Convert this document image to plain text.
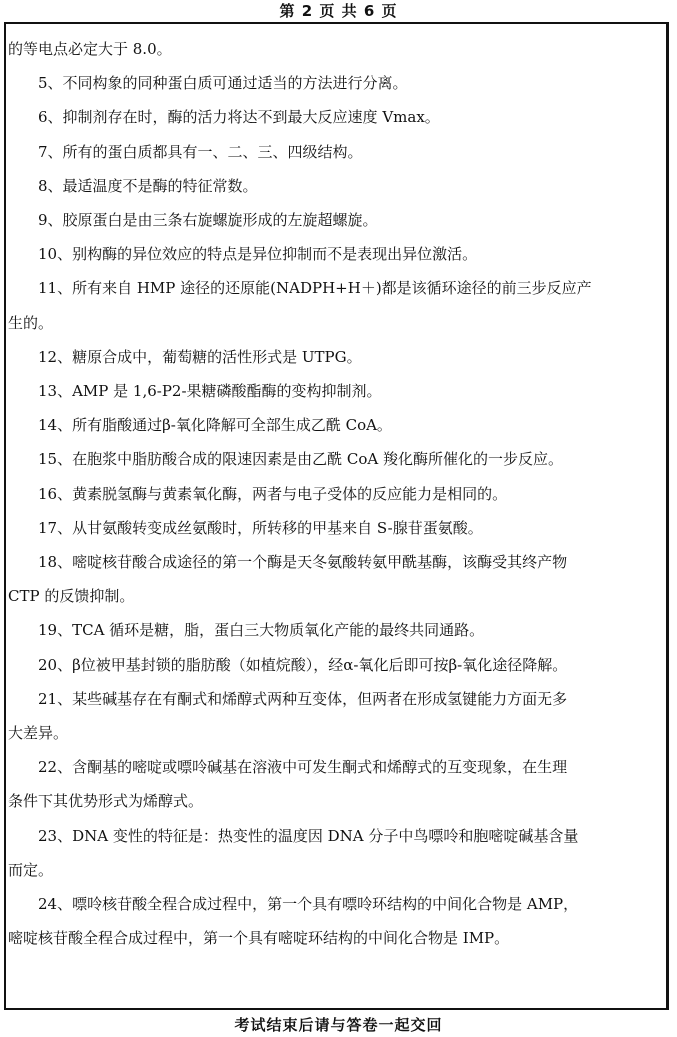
第 2 页 共 6 页
的等电点必定大于 8.0。
5、不同构象的同种蛋白质可通过适当的方法进行分离。
6、抑制剂存在时，酶的活力将达不到最大反应速度 Vmax。
7、所有的蛋白质都具有一、二、三、四级结构。
8、最适温度不是酶的特征常数。
9、胶原蛋白是由三条右旋螺旋形成的左旋超螺旋。
10、别构酶的异位效应的特点是异位抑制而不是表现出异位激活。
11、所有来自 HMP 途径的还原能(NADPH+H＋)都是该循环途径的前三步反应产
生的。
12、糖原合成中，葡萄糖的活性形式是 UTPG。
13、AMP 是 1,6-P2-果糖磷酸酯酶的变构抑制剂。
14、所有脂酸通过β-氧化降解可全部生成乙酰 CoA。
15、在胞浆中脂肪酸合成的限速因素是由乙酰 CoA 羧化酶所催化的一步反应。
16、黄素脱氢酶与黄素氧化酶，两者与电子受体的反应能力是相同的。
17、从甘氨酸转变成丝氨酸时，所转移的甲基来自 S-腺苷蛋氨酸。
18、嘧啶核苷酸合成途径的第一个酶是天冬氨酸转氨甲酰基酶，该酶受其终产物
CTP 的反馈抑制。
19、TCA 循环是糖，脂，蛋白三大物质氧化产能的最终共同通路。
20、β位被甲基封锁的脂肪酸（如植烷酸），经α-氧化后即可按β-氧化途径降解。
21、某些碱基存在有酮式和烯醇式两种互变体，但两者在形成氢键能力方面无多
大差异。
22、含酮基的嘧啶或嘌呤碱基在溶液中可发生酮式和烯醇式的互变现象，在生理
条件下其优势形式为烯醇式。
23、DNA 变性的特征是：热变性的温度因 DNA 分子中鸟嘌呤和胞嘧啶碱基含量
而定。
24、嘌呤核苷酸全程合成过程中，第一个具有嘌呤环结构的中间化合物是 AMP，
嘧啶核苷酸全程合成过程中，第一个具有嘧啶环结构的中间化合物是 IMP。
考试结束后请与答卷一起交回
